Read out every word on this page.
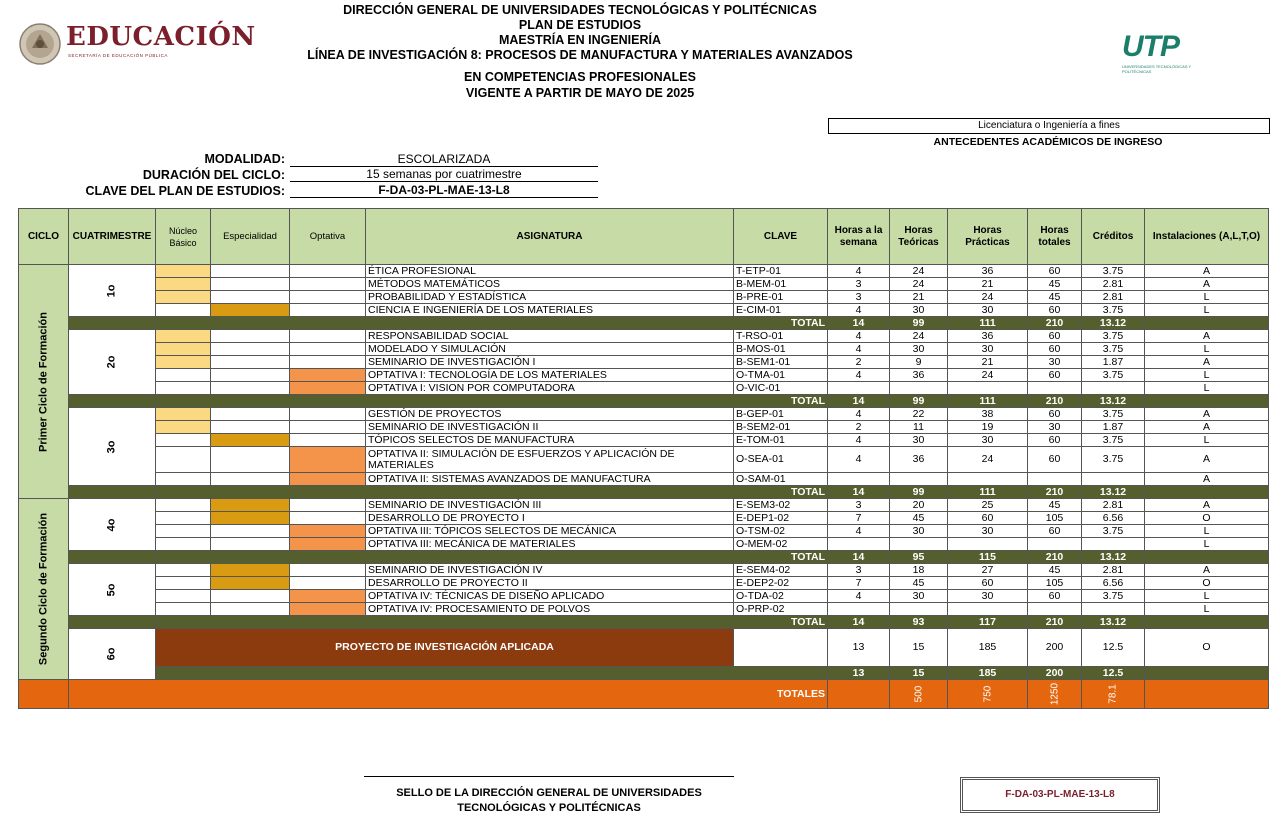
DIRECCIÓN GENERAL DE UNIVERSIDADES TECNOLÓGICAS Y POLITÉCNICAS
PLAN DE ESTUDIOS
MAESTRÍA EN INGENIERÍA
LÍNEA DE INVESTIGACIÓN 8: PROCESOS DE MANUFACTURA Y MATERIALES AVANZADOS
EN COMPETENCIAS PROFESIONALES
VIGENTE A PARTIR DE MAYO DE 2025
EDUCACIÓN
SECRETARÍA DE EDUCACIÓN PÚBLICA	UTP
UNIVERSIDADES TECNOLÓGICAS Y POLITÉCNICAS
Licenciatura o Ingeniería a fines
ANTECEDENTES ACADÉMICOS DE INGRESO
MODALIDAD:	ESCOLARIZADA
DURACIÓN DEL CICLO:	15 semanas por cuatrimestre
CLAVE DEL PLAN DE ESTUDIOS:	F-DA-03-PL-MAE-13-L8
CICLO	CUATRIMESTRE	Núcleo Básico	Especialidad	Optativa	ASIGNATURA	CLAVE	Horas a la semana	Horas Teóricas	Horas Prácticas	Horas totales	Créditos	Instalaciones (A,L,T,O)

Primer Ciclo de Formación	1o				ÉTICA PROFESIONAL	T-ETP-01	4	24	36	60	3.75	A
					MÉTODOS MATEMÁTICOS	B-MEM-01	3	24	21	45	2.81	A
					PROBABILIDAD Y ESTADÍSTICA	B-PRE-01	3	21	24	45	2.81	L
					CIENCIA E INGENIERÍA DE LOS MATERIALES	E-CIM-01	4	30	30	60	3.75	L
		TOTAL					14	99	111	210	13.12	

	2o				RESPONSABILIDAD SOCIAL	T-RSO-01	4	24	36	60	3.75	A
					MODELADO Y SIMULACIÓN	B-MOS-01	4	30	30	60	3.75	L
					SEMINARIO DE INVESTIGACIÓN I	B-SEM1-01	2	9	21	30	1.87	A
					OPTATIVA I: TECNOLOGÍA DE LOS MATERIALES	O-TMA-01	4	36	24	60	3.75	L
					OPTATIVA I: VISION POR COMPUTADORA	O-VIC-01						L
		TOTAL					14	99	111	210	13.12	

	3o				GESTIÓN DE PROYECTOS	B-GEP-01	4	22	38	60	3.75	A
					SEMINARIO DE INVESTIGACIÓN II	B-SEM2-01	2	11	19	30	1.87	A
					TÓPICOS SELECTOS DE MANUFACTURA	E-TOM-01	4	30	30	60	3.75	L
					OPTATIVA II: SIMULACIÓN DE ESFUERZOS Y APLICACIÓN DE MATERIALES	O-SEA-01	4	36	24	60	3.75	A
					OPTATIVA II: SISTEMAS AVANZADOS DE MANUFACTURA	O-SAM-01						A
		TOTAL					14	99	111	210	13.12	

Segundo Ciclo de Formación	4o				SEMINARIO DE INVESTIGACIÓN III	E-SEM3-02	3	20	25	45	2.81	A
					DESARROLLO DE PROYECTO I	E-DEP1-02	7	45	60	105	6.56	O
					OPTATIVA III: TÓPICOS SELECTOS DE MECÁNICA	O-TSM-02	4	30	30	60	3.75	L
					OPTATIVA III: MECÁNICA DE MATERIALES	O-MEM-02						L
		TOTAL					14	95	115	210	13.12	

	5o				SEMINARIO DE INVESTIGACIÓN IV	E-SEM4-02	3	18	27	45	2.81	A
					DESARROLLO DE PROYECTO II	E-DEP2-02	7	45	60	105	6.56	O
					OPTATIVA IV: TÉCNICAS DE DISEÑO APLICADO	O-TDA-02	4	30	30	60	3.75	L
					OPTATIVA IV: PROCESAMIENTO DE POLVOS	O-PRP-02						L
		TOTAL					14	93	117	210	13.12	

	6o	PROYECTO DE INVESTIGACIÓN APLICADA					13	15	185	200	12.5	O
							13	15	185	200	12.5	
	TOTALES							500	750	1250	78.1	

SELLO DE LA DIRECCIÓN GENERAL DE UNIVERSIDADES
TECNOLÓGICAS Y POLITÉCNICAS
F-DA-03-PL-MAE-13-L8
